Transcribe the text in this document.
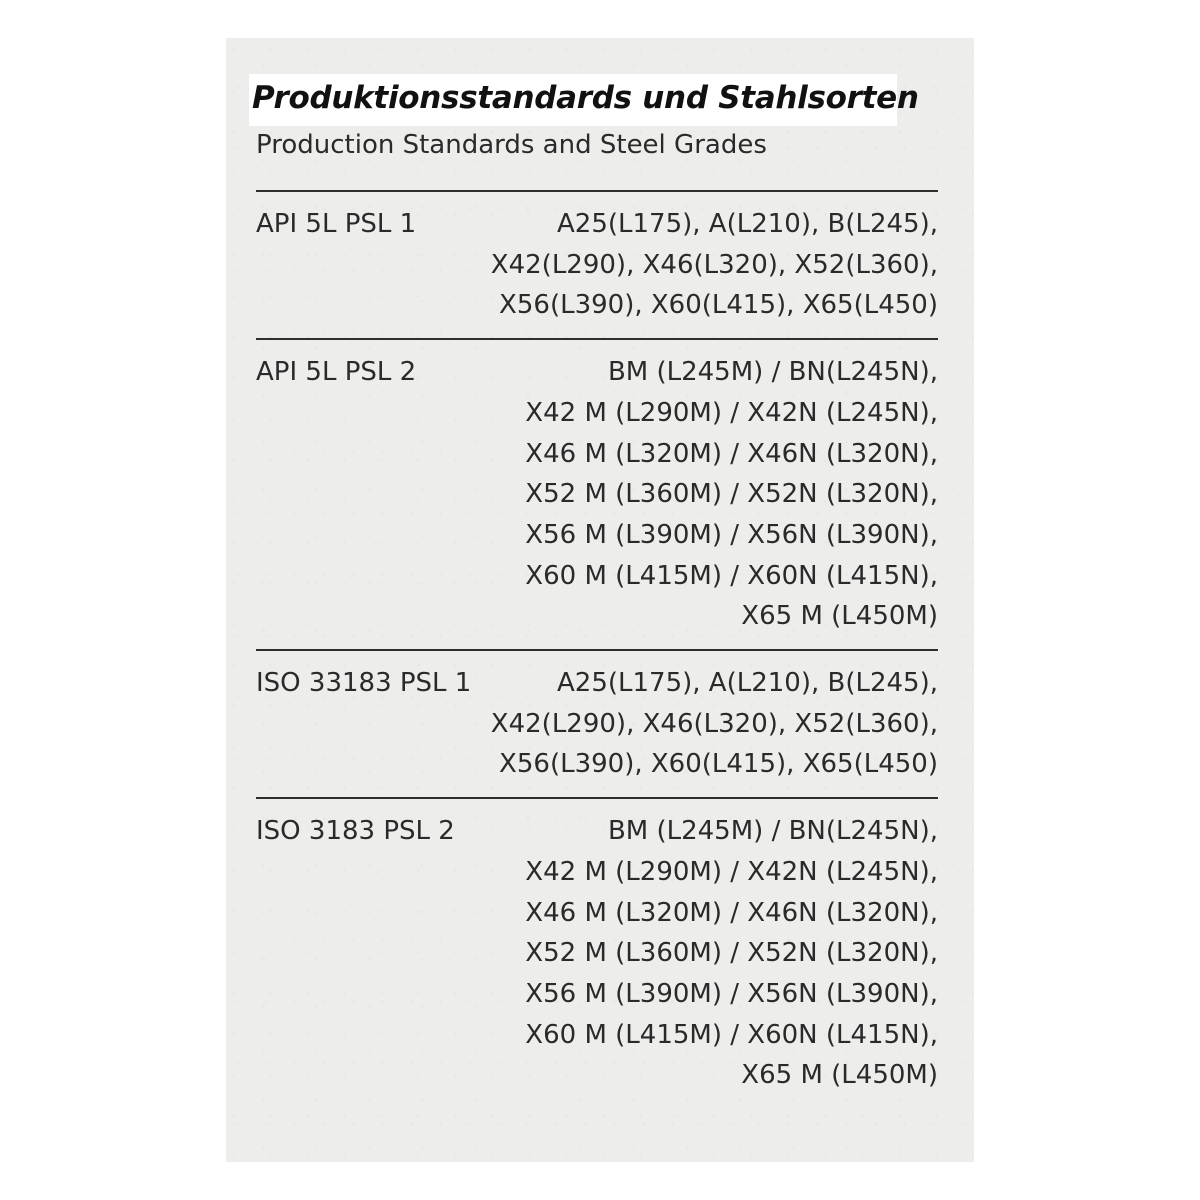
Produktionsstandards und Stahlsorten

Production Standards and Steel Grades

API 5L PSL 1	A25(L175), A(L210), B(L245),
X42(L290), X46(L320), X52(L360),
X56(L390), X60(L415), X65(L450)
API 5L PSL 2	BM (L245M) / BN(L245N),
X42 M (L290M) / X42N (L245N),
X46 M (L320M) / X46N (L320N),
X52 M (L360M) / X52N (L320N),
X56 M (L390M) / X56N (L390N),
X60 M (L415M) / X60N (L415N),
X65 M (L450M)
ISO 33183 PSL 1	A25(L175), A(L210), B(L245),
X42(L290), X46(L320), X52(L360),
X56(L390), X60(L415), X65(L450)
ISO 3183 PSL 2	BM (L245M) / BN(L245N),
X42 M (L290M) / X42N (L245N),
X46 M (L320M) / X46N (L320N),
X52 M (L360M) / X52N (L320N),
X56 M (L390M) / X56N (L390N),
X60 M (L415M) / X60N (L415N),
X65 M (L450M)
